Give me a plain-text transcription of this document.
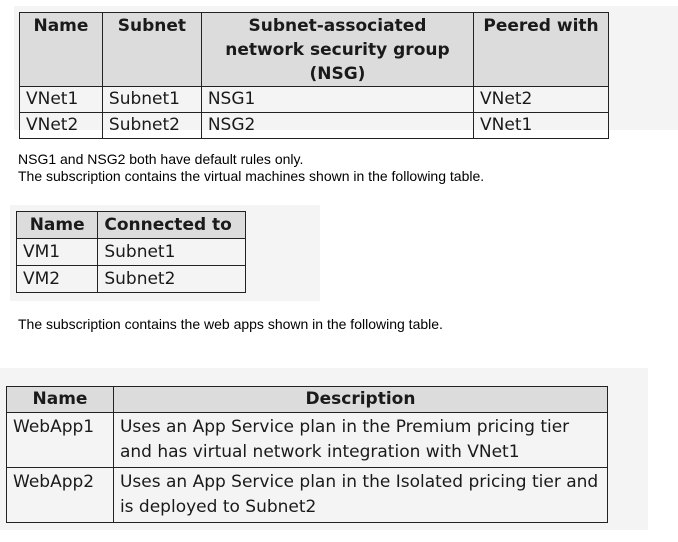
Name	Subnet	Subnet-associated network security group (NSG)	Peered with
VNet1	Subnet1	NSG1	VNet2
VNet2	Subnet2	NSG2	VNet1
NSG1 and NSG2 both have default rules only.
The subscription contains the virtual machines shown in the following table.
Name	Connected to
VM1	Subnet1
VM2	Subnet2
The subscription contains the web apps shown in the following table.
Name	Description
WebApp1	Uses an App Service plan in the Premium pricing tier and has virtual network integration with VNet1
WebApp2	Uses an App Service plan in the Isolated pricing tier and is deployed to Subnet2
